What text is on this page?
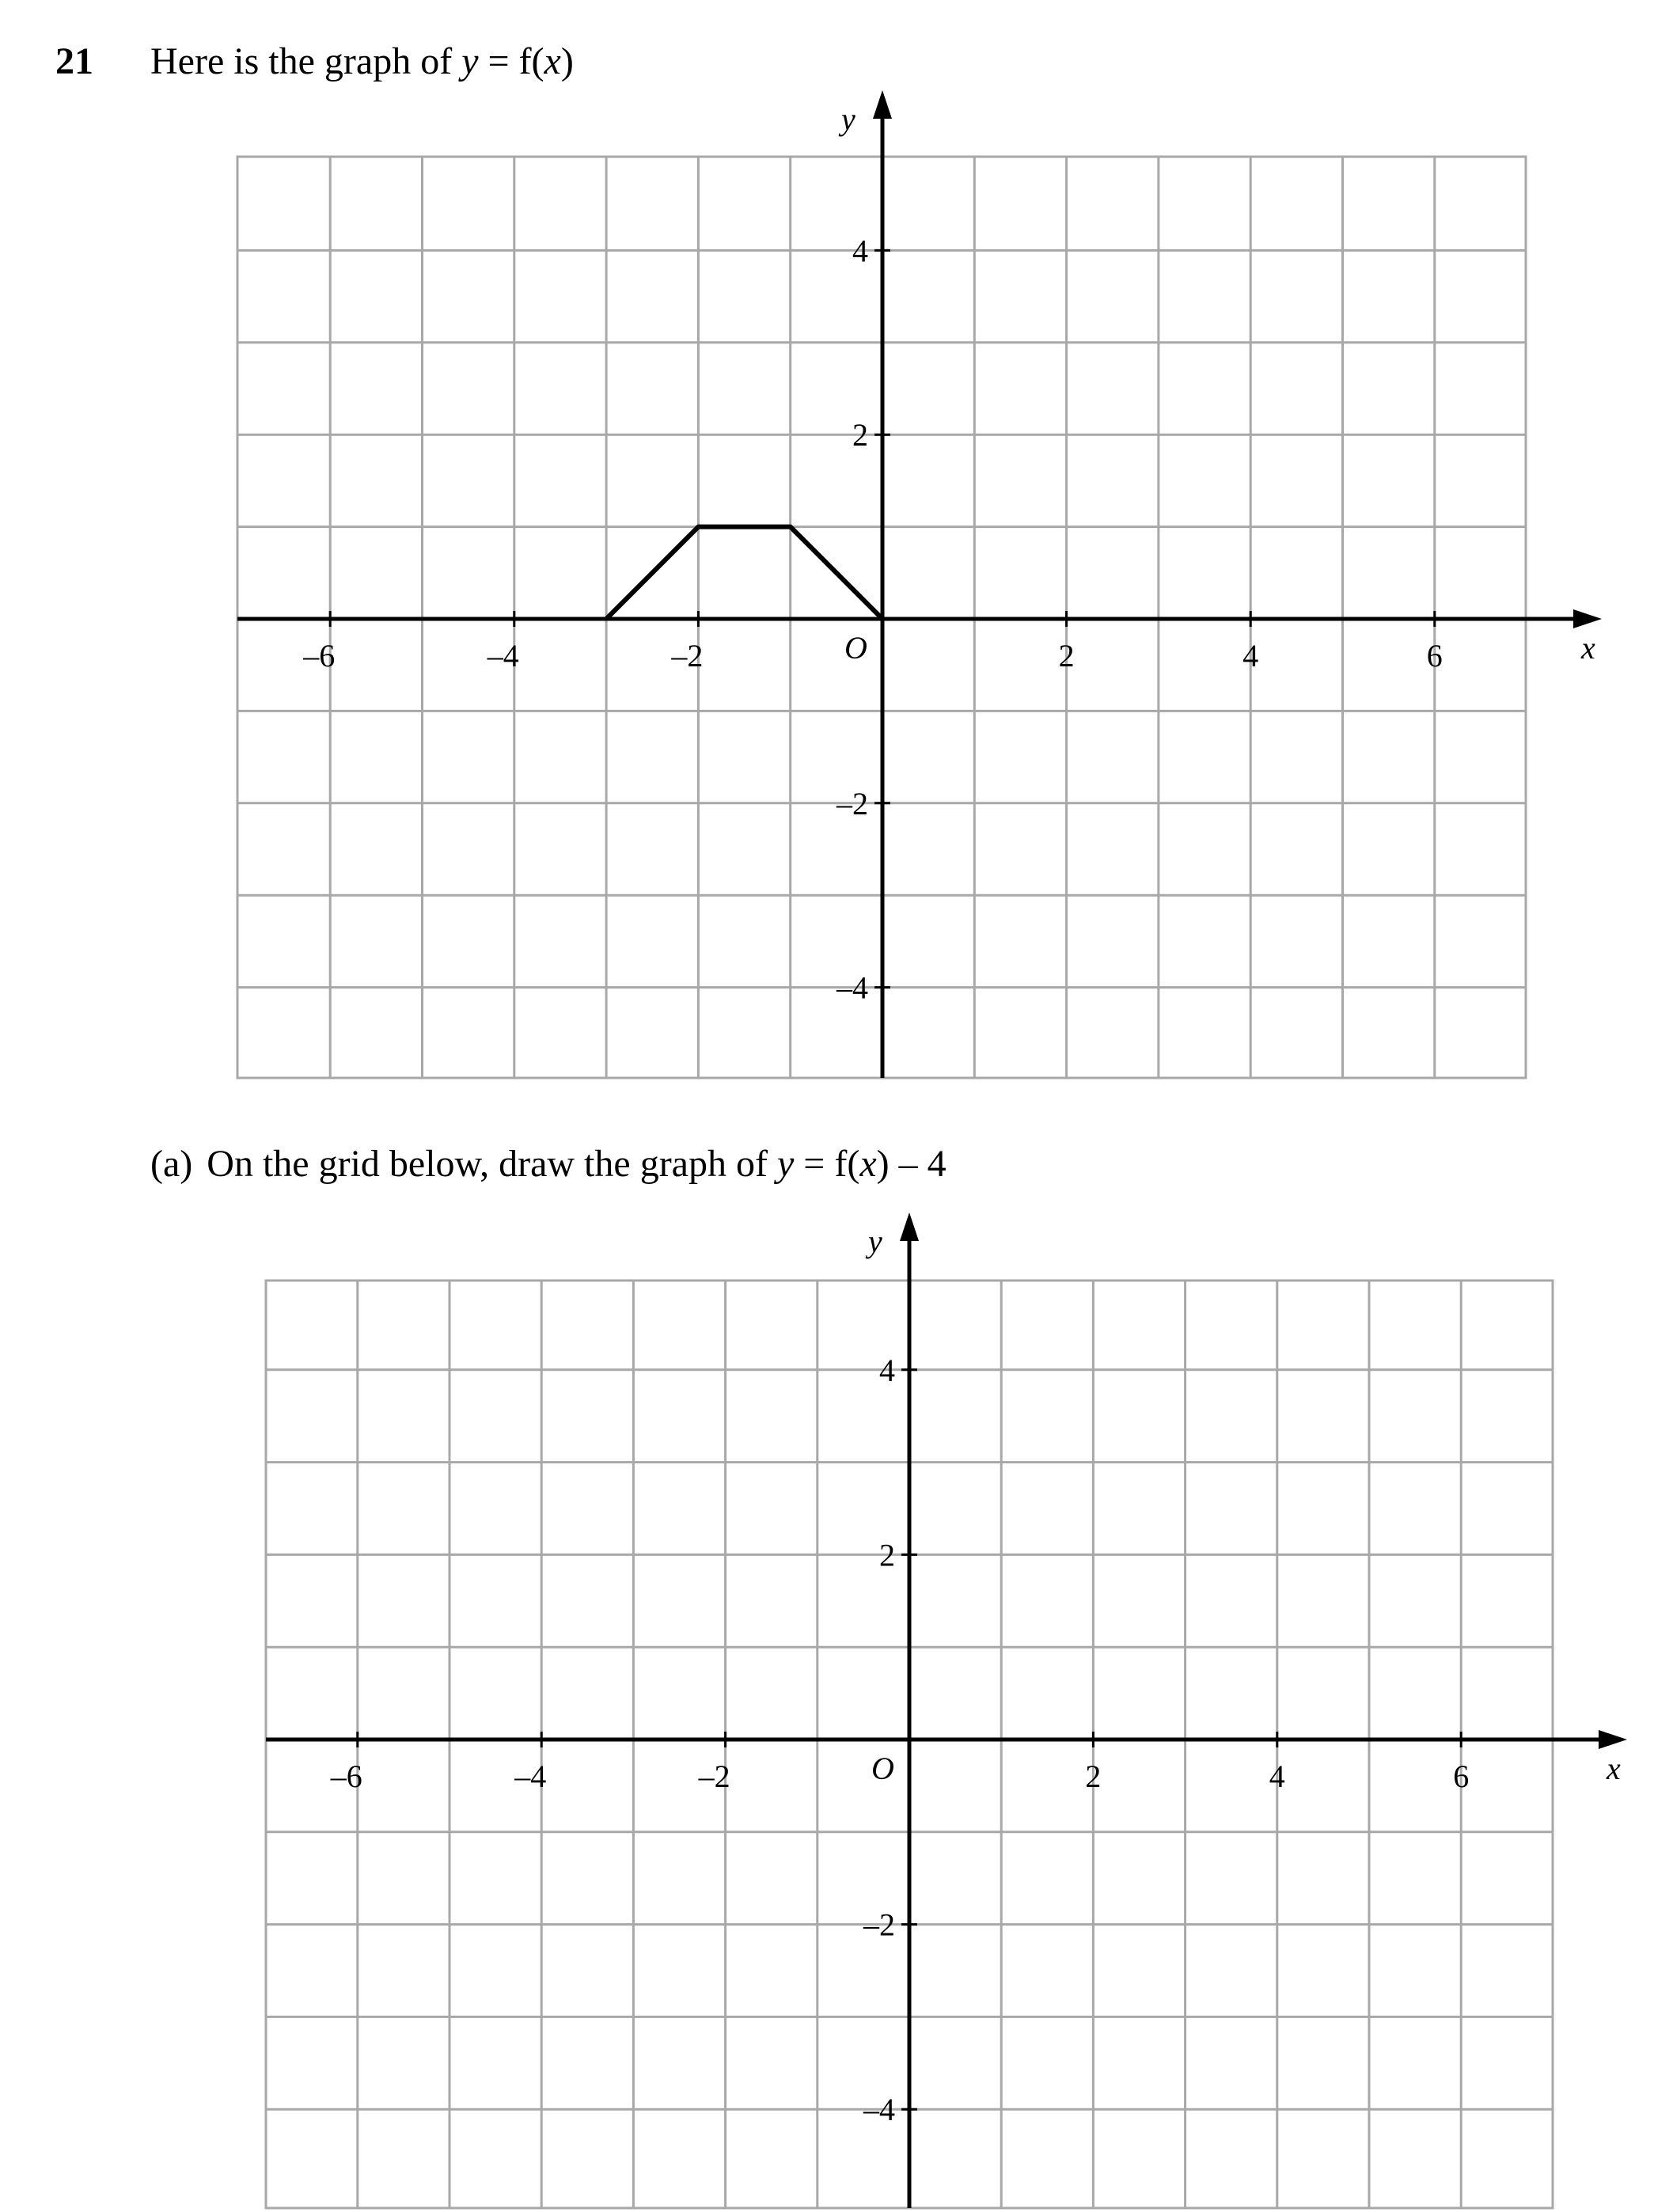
21 Here is the graph of y = f(x)
(a) On the grid below, draw the graph of y = f(x) – 4
x
y
O
–6	–4	–2	2	4	6
4
2
–2
–4
x
y
O
–6	–4	–2	2	4	6
4
2
–2
–4
